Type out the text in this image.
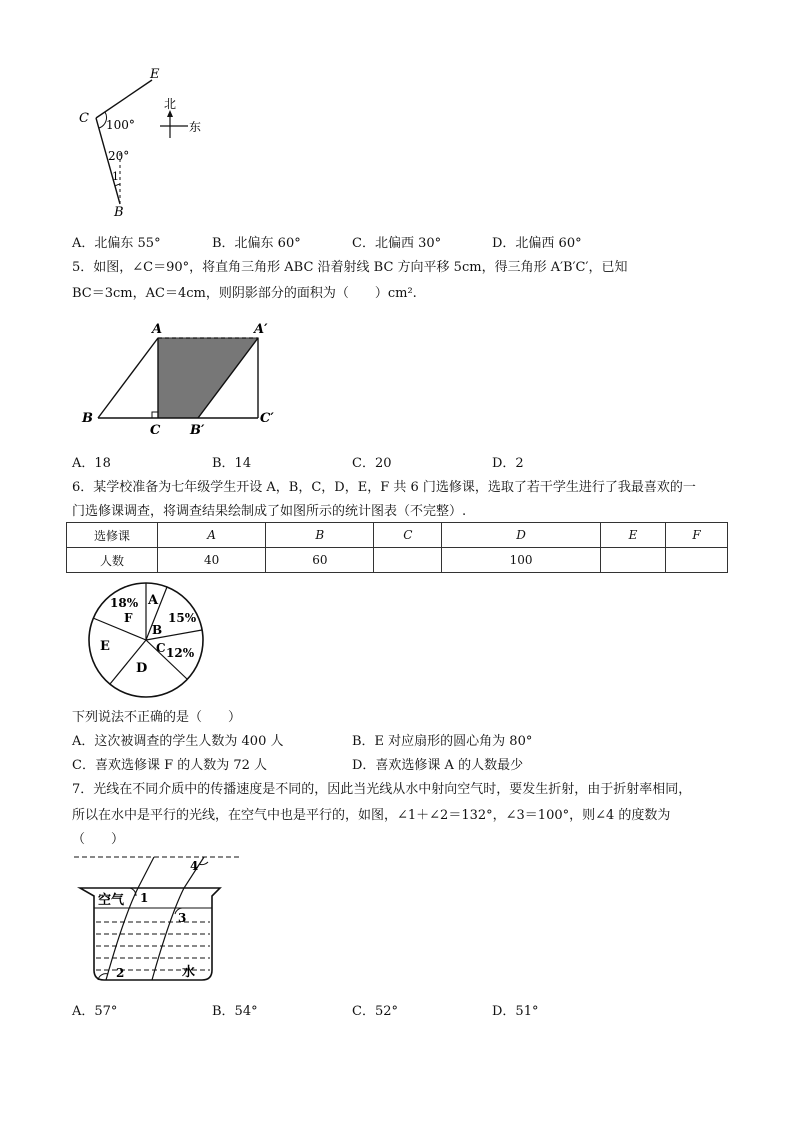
E
C
B
100°
20°
1
北
东
A．北偏东 55°	B．北偏东 60°	C．北偏西 30°	D．北偏西 60°
5．如图，∠C＝90°，将直角三角形 ABC 沿着射线 BC 方向平移 5cm，得三角形 A′B′C′，已知
BC＝3cm，AC＝4cm，则阴影部分的面积为（　　）cm².
A	A′
B
C B′
C′
A．18	B．14	C．20	D．2
6．某学校准备为七年级学生开设 A，B，C，D，E，F 共 6 门选修课，选取了若干学生进行了我最喜欢的一
门选修课调查，将调查结果绘制成了如图所示的统计图表（不完整）.
选修课	A	B	C	D	E	F
人数	40	60		100		
18%
F
A
15%
B
C 12%
D
E
下列说法不正确的是（　　）
A．这次被调查的学生人数为 400 人	B．E 对应扇形的圆心角为 80°
C．喜欢选修课 F 的人数为 72 人	D．喜欢选修课 A 的人数最少
7．光线在不同介质中的传播速度是不同的，因此当光线从水中射向空气时，要发生折射，由于折射率相同，
所以在水中是平行的光线，在空气中也是平行的，如图，∠1＋∠2＝132°，∠3＝100°，则∠4 的度数为
（　　）
空气
水
1
2
3
4
A．57°	B．54°	C．52°	D．51°
